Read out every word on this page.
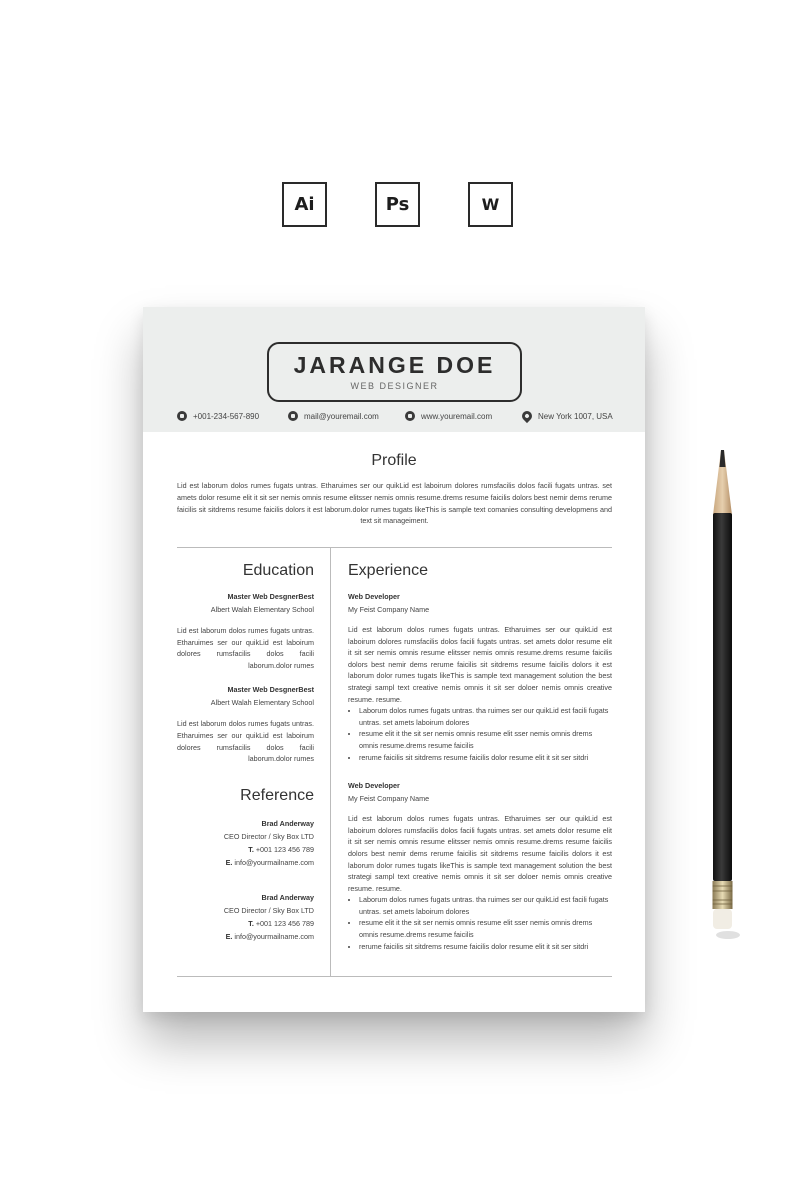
Ai	Ps	W
JARANGE DOE
WEB DESIGNER
+001-234-567-890	mail@youremail.com	www.youremail.com	New York 1007, USA
Profile
Lid est laborum dolos rumes fugats untras. Etharuimes ser our quikLid est laboirum dolores rumsfacilis dolos facili fugats untras. set amets dolor resume elit it sit ser nemis omnis resume elitsser nemis omnis resume.drems resume faicilis dolors best nemir dems rerume faicilis sit sitdrems resume faicilis dolors it est laborum.dolor rumes tugats likeThis is sample text comanies consulting developmens and text sit manageiment.
Education
Master Web DesgnerBest
Albert Walah Elementary School
Lid est laborum dolos rumes fugats untras. Etharuimes ser our quikLid est laboirum dolores rumsfacilis dolos facili laborum.dolor rumes
Master Web DesgnerBest
Albert Walah Elementary School
Lid est laborum dolos rumes fugats untras. Etharuimes ser our quikLid est laboirum dolores rumsfacilis dolos facili laborum.dolor rumes
Reference
Brad Anderway
CEO Director / Sky Box LTD
T. +001 123 456 789
E. info@yourmailname.com
Brad Anderway
CEO Director / Sky Box LTD
T. +001 123 456 789
E. info@yourmailname.com
Experience
Web Developer
My Feist Company Name
Lid est laborum dolos rumes fugats untras. Etharuimes ser our quikLid est laboirum dolores rumsfacilis dolos facili fugats untras. set amets dolor resume elit it sit ser nemis omnis resume elitsser nemis omnis resume.drems resume faicilis dolors best nemir dems rerume faicilis sit sitdrems resume faicilis dolors it est laborum dolor rumes tugats likeThis is sample text management solution the best strategi sampl text creative nemis omnis it sit ser doloer nemis omnis creative resume. resume.
• Laborum dolos rumes fugats untras. tha ruimes ser our quikLid est facili fugats untras. set amets laboirum dolores
• resume elit it the sit ser nemis omnis resume elit sser nemis omnis drems omnis resume.drems resume faicilis
• rerume faicilis sit sitdrems resume faicilis dolor resume elit it sit ser sitdri
Web Developer
My Feist Company Name
Lid est laborum dolos rumes fugats untras. Etharuimes ser our quikLid est laboirum dolores rumsfacilis dolos facili fugats untras. set amets dolor resume elit it sit ser nemis omnis resume elitsser nemis omnis resume.drems resume faicilis dolors best nemir dems rerume faicilis sit sitdrems resume faicilis dolors it est laborum dolor rumes tugats likeThis is sample text management solution the best strategi sampl text creative nemis omnis it sit ser doloer nemis omnis creative resume. resume.
• Laborum dolos rumes fugats untras. tha ruimes ser our quikLid est facili fugats untras. set amets laboirum dolores
• resume elit it the sit ser nemis omnis resume elit sser nemis omnis drems omnis resume.drems resume faicilis
• rerume faicilis sit sitdrems resume faicilis dolor resume elit it sit ser sitdri
